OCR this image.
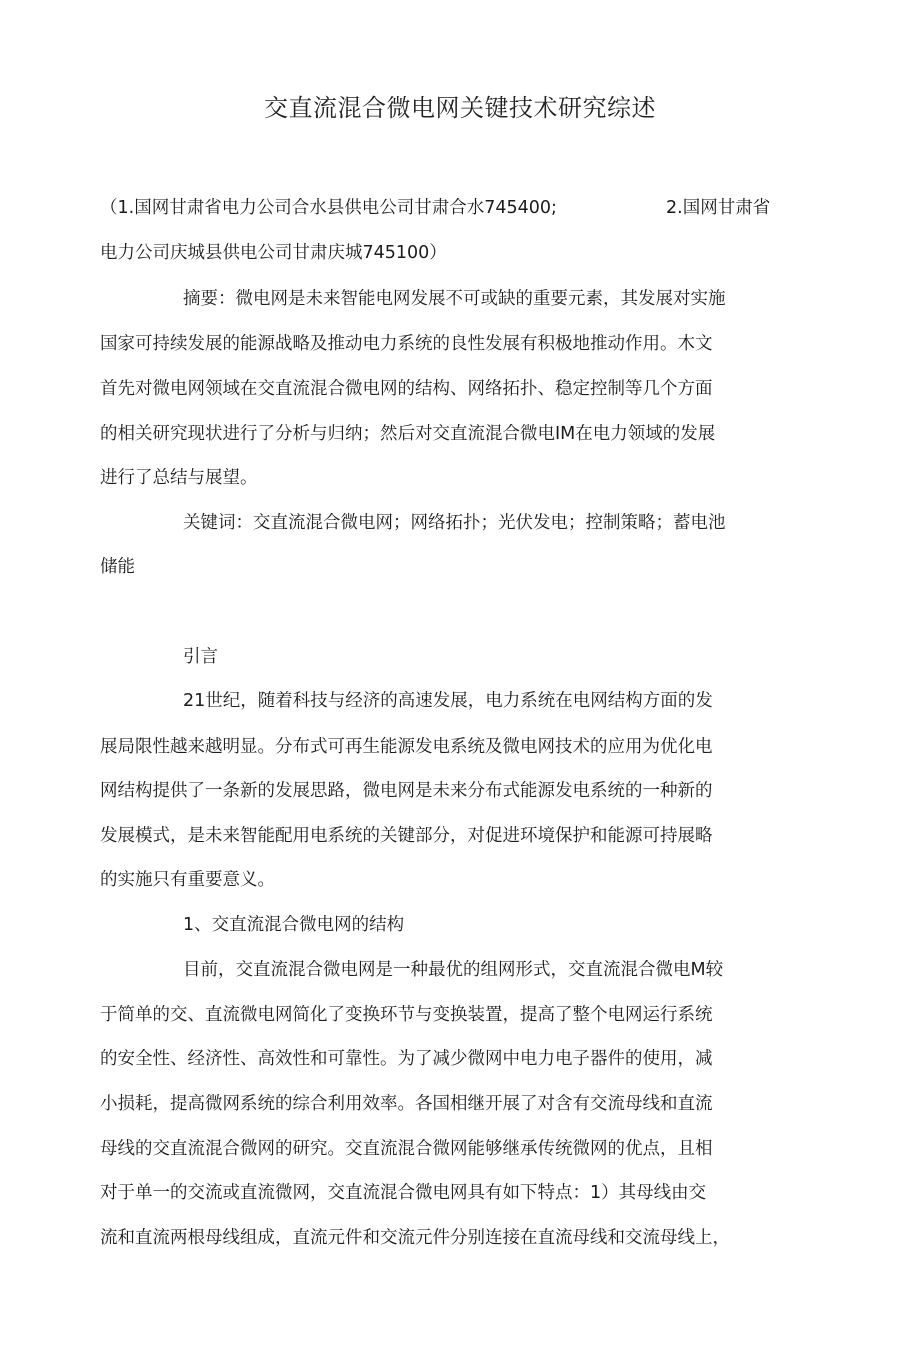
交直流混合微电网关键技术研究综述
（1.国网甘肃省电力公司合水县供电公司甘肃合水745400;	2.国网甘肃省
电力公司庆城县供电公司甘肃庆城745100）
摘要：微电网是未来智能电网发展不可或缺的重要元素，其发展对实施
国家可持续发展的能源战略及推动电力系统的良性发展有积极地推动作用。木文
首先对微电网领域在交直流混合微电网的结构、网络拓扑、稳定控制等几个方面
的相关研究现状进行了分析与归纳；然后对交直流混合微电IM在电力领域的发展
进行了总结与展望。
关键词：交直流混合微电网；网络拓扑；光伏发电；控制策略；蓄电池
储能
引言
21世纪，随着科技与经济的高速发展，电力系统在电网结构方面的发
展局限性越来越明显。分布式可再生能源发电系统及微电网技术的应用为优化电
网结构提供了一条新的发展思路，微电网是未来分布式能源发电系统的一种新的
发展模式，是未来智能配用电系统的关键部分，对促进环境保护和能源可持展略
的实施只有重要意义。
1、交直流混合微电网的结构
目前，交直流混合微电网是一种最优的组网形式，交直流混合微电M较
于简单的交、直流微电网简化了变换环节与变换装置，提高了整个电网运行系统
的安全性、经济性、高效性和可靠性。为了减少微网中电力电子器件的使用，减
小损耗，提高微网系统的综合利用效率。各国相继开展了对含有交流母线和直流
母线的交直流混合微网的研究。交直流混合微网能够继承传统微网的优点，且相
对于单一的交流或直流微网，交直流混合微电网具有如下特点：1）其母线由交
流和直流两根母线组成，直流元件和交流元件分别连接在直流母线和交流母线上，
